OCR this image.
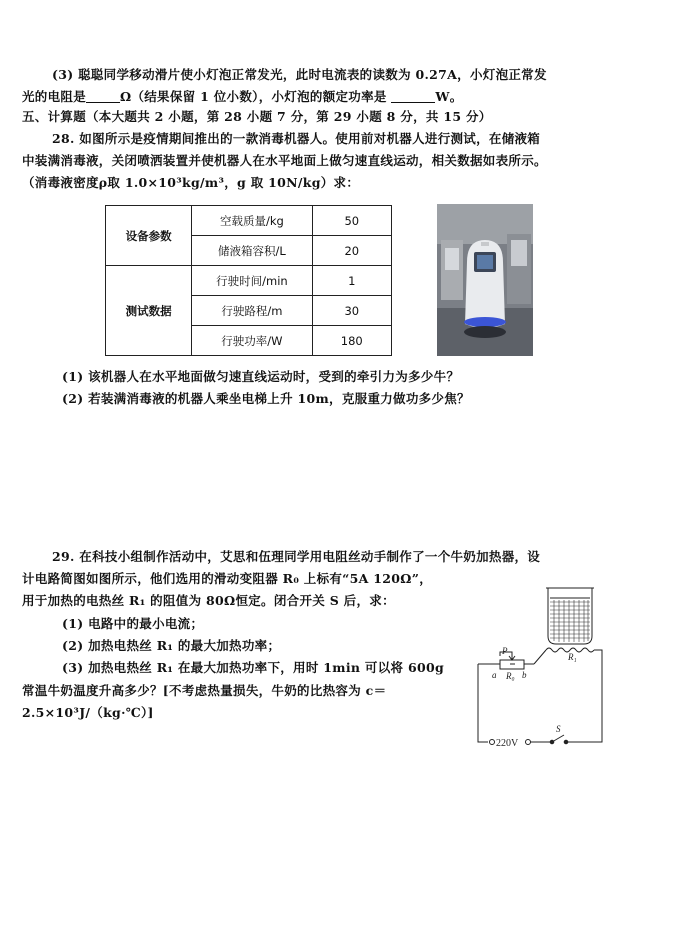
(3) 聪聪同学移动滑片使小灯泡正常发光，此时电流表的读数为 0.27A，小灯泡正常发
光的电阻是	Ω（结果保留 1 位小数），小灯泡的额定功率是	W。
五、计算题（本大题共 2 小题，第 28 小题 7 分，第 29 小题 8 分，共 15 分）
28. 如图所示是疫情期间推出的一款消毒机器人。使用前对机器人进行测试，在储液箱
中装满消毒液，关闭喷洒装置并使机器人在水平地面上做匀速直线运动，相关数据如表所示。
（消毒液密度ρ取 1.0×10³kg/m³，g 取 10N/kg）求：
设备参数	空载质量/kg	50
	储液箱容积/L	20
测试数据	行驶时间/min	1
	行驶路程/m	30
	行驶功率/W	180
(1) 该机器人在水平地面做匀速直线运动时，受到的牵引力为多少牛？
(2) 若装满消毒液的机器人乘坐电梯上升 10m，克服重力做功多少焦？
29. 在科技小组制作活动中，艾思和伍理同学用电阻丝动手制作了一个牛奶加热器，设
计电路简图如图所示，他们选用的滑动变阻器 R₀ 上标有“5A 120Ω”，
用于加热的电热丝 R₁ 的阻值为 80Ω恒定。闭合开关 S 后，求：
(1) 电路中的最小电流；
(2) 加热电热丝 R₁ 的最大加热功率；
(3) 加热电热丝 R₁ 在最大加热功率下，用时 1min 可以将 600g
常温牛奶温度升高多少？[不考虑热量损失，牛奶的比热容为 c＝
2.5×10³J/（kg·℃）]
P
a R₀ b
R₁
S
220V
